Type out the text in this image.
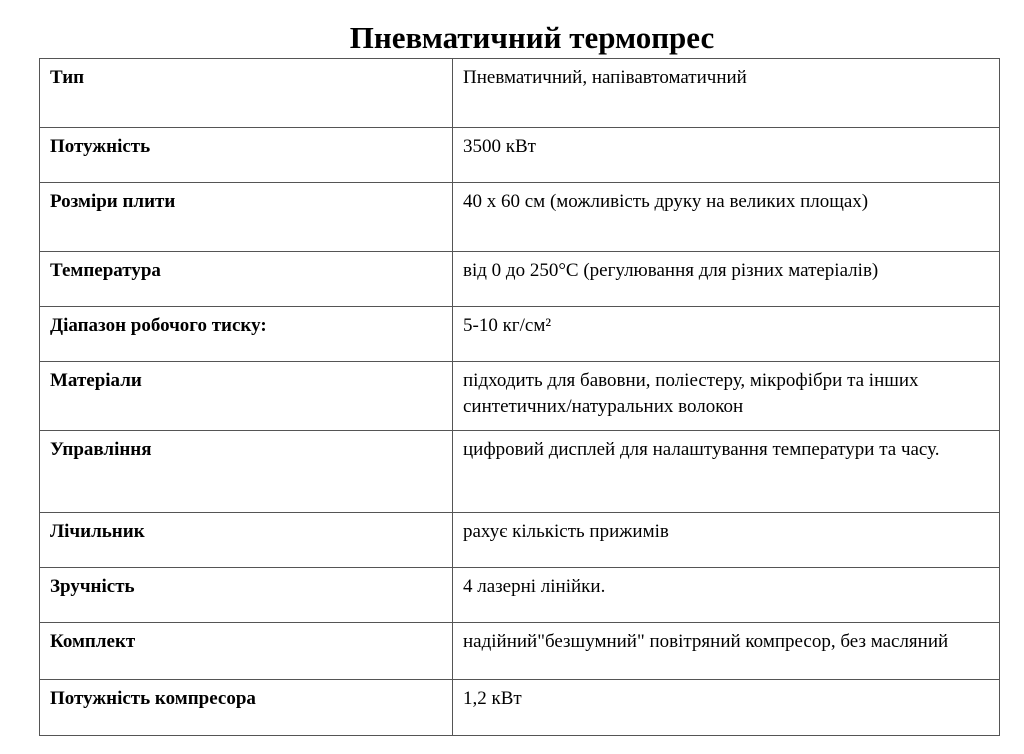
Пневматичний термопрес
Тип	Пневматичний, напівавтоматичний
Потужність	3500 кВт
Розміри плити	40 х 60 см (можливість друку на великих площах)
Температура	від 0 до 250°C (регулювання для різних матеріалів)
Діапазон робочого тиску:	5-10 кг/см²
Матеріали	підходить для бавовни, поліестеру, мікрофібри та інших синтетичних/натуральних волокон
Управління	цифровий дисплей для налаштування температури та часу.
Лічильник	рахує кількість прижимів
Зручність	4 лазерні лінійки.
Комплект	надійний"безшумний" повітряний компресор, без масляний
Потужність компресора	1,2 кВт
